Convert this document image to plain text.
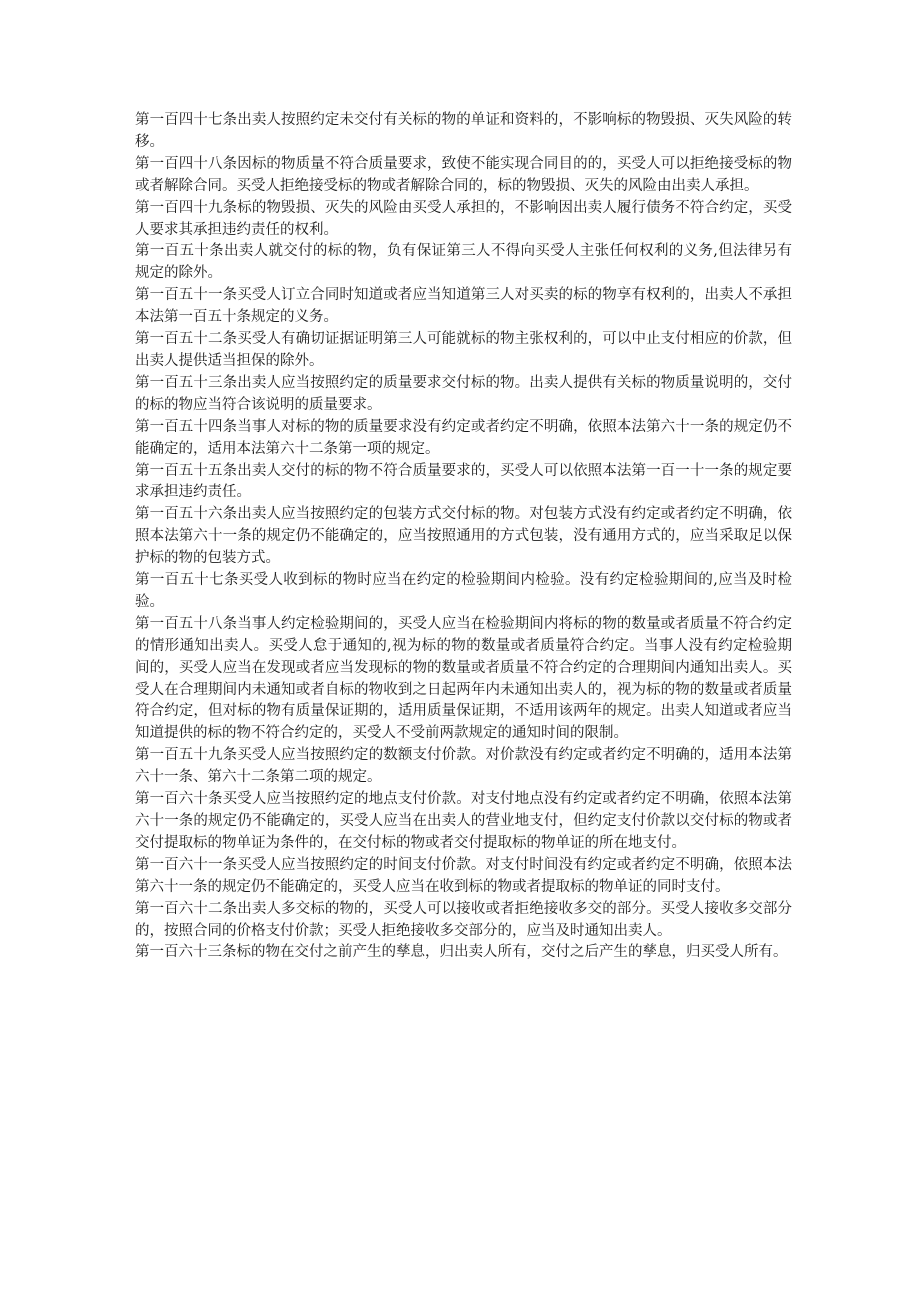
第一百四十七条出卖人按照约定未交付有关标的物的单证和资料的，不影响标的物毁损、灭失风险的转移。

第一百四十八条因标的物质量不符合质量要求，致使不能实现合同目的的，买受人可以拒绝接受标的物或者解除合同。买受人拒绝接受标的物或者解除合同的，标的物毁损、灭失的风险由出卖人承担。

第一百四十九条标的物毁损、灭失的风险由买受人承担的，不影响因出卖人履行债务不符合约定，买受人要求其承担违约责任的权利。

第一百五十条出卖人就交付的标的物，负有保证第三人不得向买受人主张任何权利的义务,但法律另有规定的除外。

第一百五十一条买受人订立合同时知道或者应当知道第三人对买卖的标的物享有权利的，出卖人不承担本法第一百五十条规定的义务。

第一百五十二条买受人有确切证据证明第三人可能就标的物主张权利的，可以中止支付相应的价款，但出卖人提供适当担保的除外。

第一百五十三条出卖人应当按照约定的质量要求交付标的物。出卖人提供有关标的物质量说明的，交付的标的物应当符合该说明的质量要求。

第一百五十四条当事人对标的物的质量要求没有约定或者约定不明确，依照本法第六十一条的规定仍不能确定的，适用本法第六十二条第一项的规定。

第一百五十五条出卖人交付的标的物不符合质量要求的，买受人可以依照本法第一百一十一条的规定要求承担违约责任。

第一百五十六条出卖人应当按照约定的包装方式交付标的物。对包装方式没有约定或者约定不明确，依照本法第六十一条的规定仍不能确定的，应当按照通用的方式包装，没有通用方式的，应当采取足以保护标的物的包装方式。

第一百五十七条买受人收到标的物时应当在约定的检验期间内检验。没有约定检验期间的,应当及时检验。

第一百五十八条当事人约定检验期间的，买受人应当在检验期间内将标的物的数量或者质量不符合约定的情形通知出卖人。买受人怠于通知的,视为标的物的数量或者质量符合约定。当事人没有约定检验期间的，买受人应当在发现或者应当发现标的物的数量或者质量不符合约定的合理期间内通知出卖人。买受人在合理期间内未通知或者自标的物收到之日起两年内未通知出卖人的，视为标的物的数量或者质量符合约定，但对标的物有质量保证期的，适用质量保证期，不适用该两年的规定。出卖人知道或者应当知道提供的标的物不符合约定的，买受人不受前两款规定的通知时间的限制。

第一百五十九条买受人应当按照约定的数额支付价款。对价款没有约定或者约定不明确的，适用本法第六十一条、第六十二条第二项的规定。

第一百六十条买受人应当按照约定的地点支付价款。对支付地点没有约定或者约定不明确，依照本法第六十一条的规定仍不能确定的，买受人应当在出卖人的营业地支付，但约定支付价款以交付标的物或者交付提取标的物单证为条件的，在交付标的物或者交付提取标的物单证的所在地支付。

第一百六十一条买受人应当按照约定的时间支付价款。对支付时间没有约定或者约定不明确，依照本法第六十一条的规定仍不能确定的，买受人应当在收到标的物或者提取标的物单证的同时支付。

第一百六十二条出卖人多交标的物的，买受人可以接收或者拒绝接收多交的部分。买受人接收多交部分的，按照合同的价格支付价款；买受人拒绝接收多交部分的，应当及时通知出卖人。

第一百六十三条标的物在交付之前产生的孳息，归出卖人所有，交付之后产生的孳息，归买受人所有。
